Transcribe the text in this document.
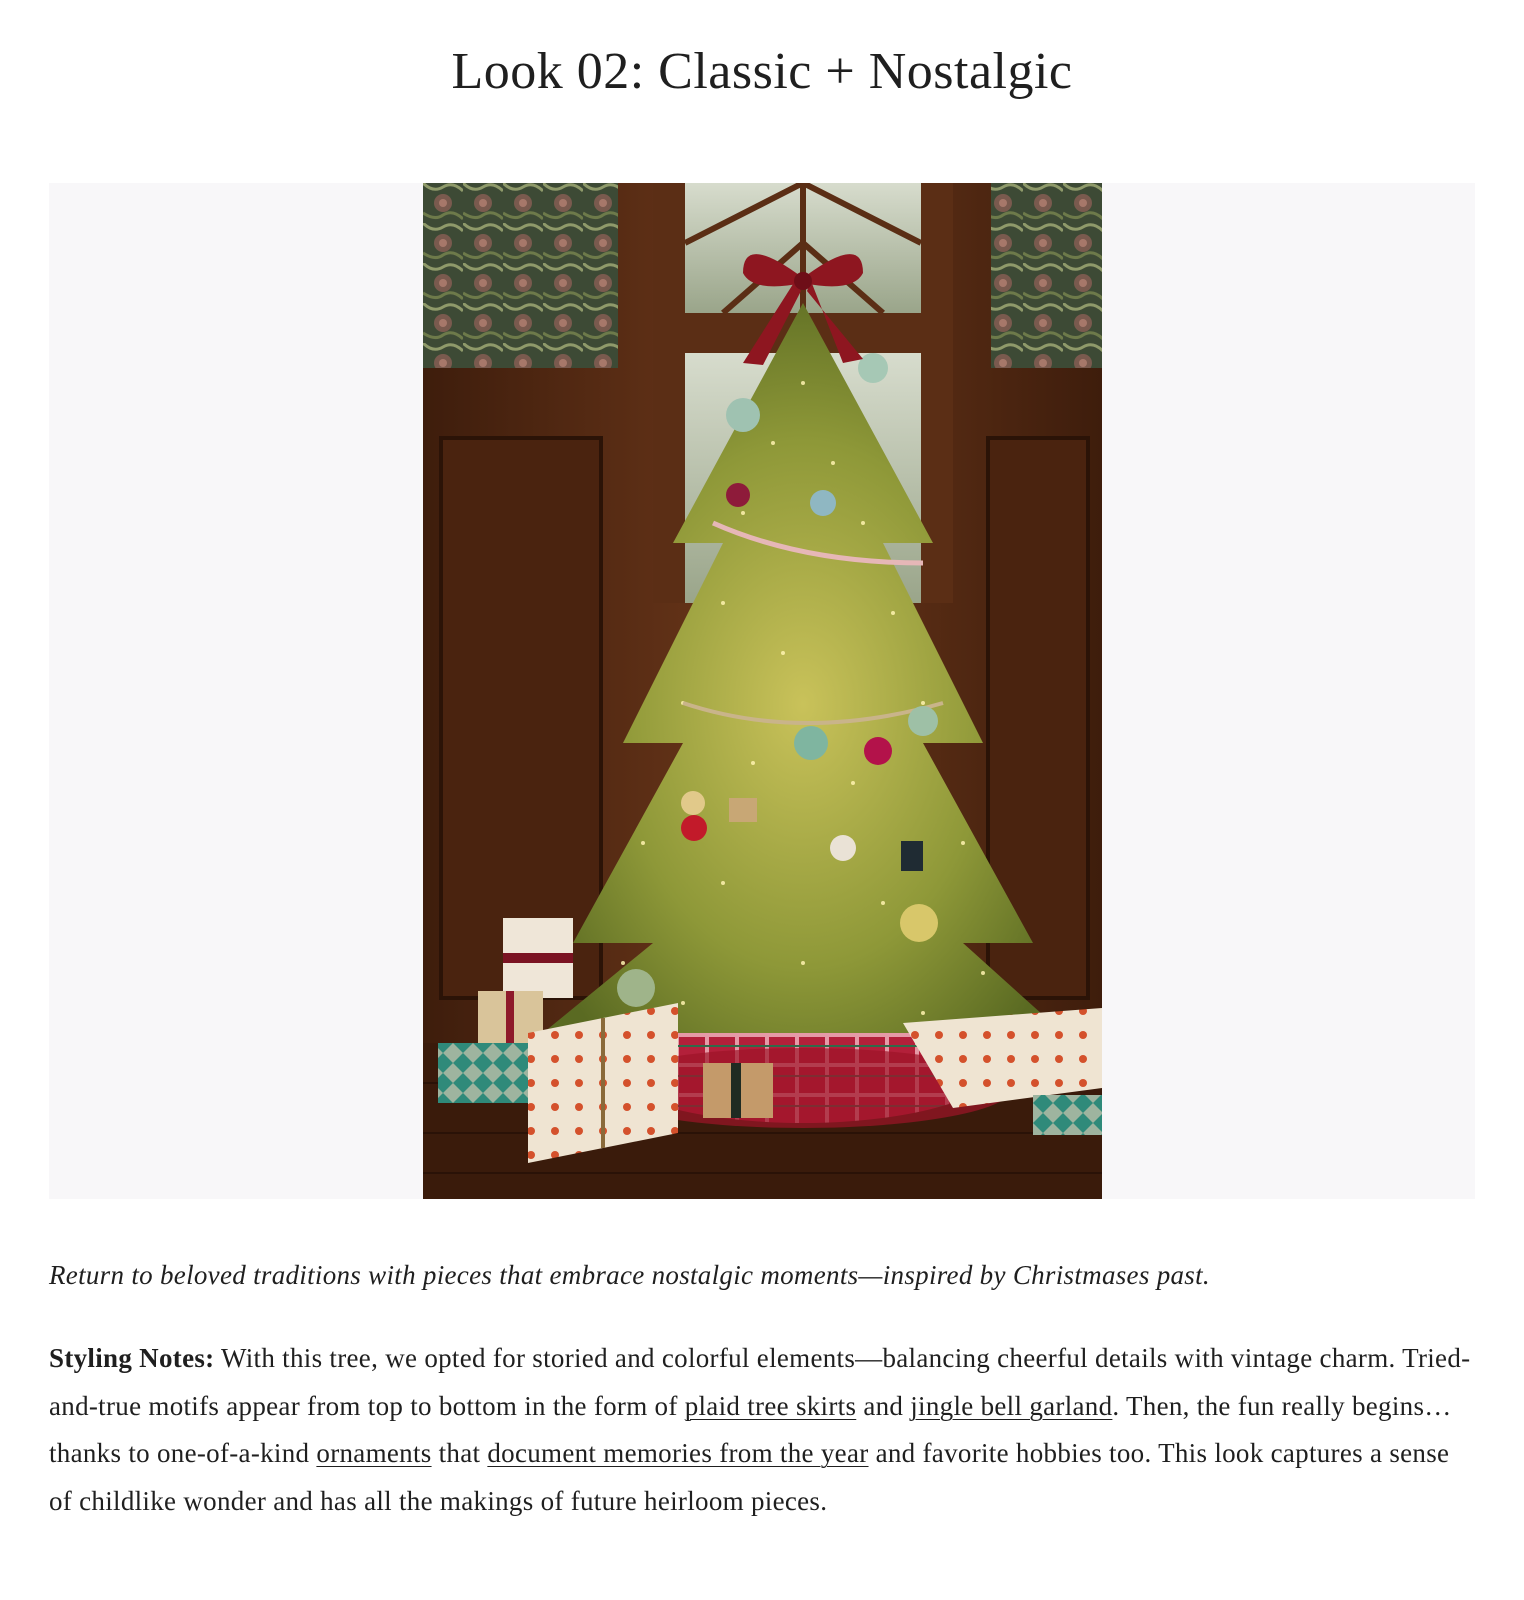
Look 02: Classic + Nostalgic

Return to beloved traditions with pieces that embrace nostalgic moments—inspired by Christmases past.

Styling Notes: With this tree, we opted for storied and colorful elements—balancing cheerful details with vintage charm. Tried-and-true motifs appear from top to bottom in the form of plaid tree skirts and jingle bell garland. Then, the fun really begins…thanks to one-of-a-kind ornaments that document memories from the year and favorite hobbies too. This look captures a sense of childlike wonder and has all the makings of future heirloom pieces.
